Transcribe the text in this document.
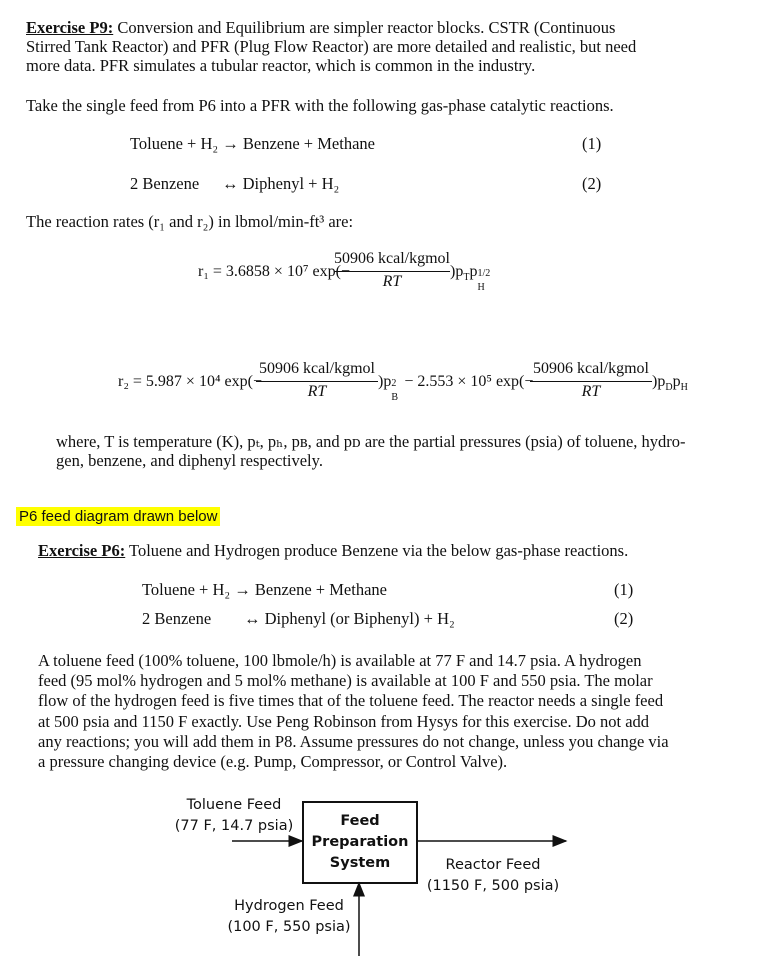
Exercise P9: Conversion and Equilibrium are simpler reactor blocks. CSTR (Continuous
Stirred Tank Reactor) and PFR (Plug Flow Reactor) are more detailed and realistic, but need
more data. PFR simulates a tubular reactor, which is common in the industry.
Take the single feed from P6 into a PFR with the following gas-phase catalytic reactions.
Toluene + H₂ → Benzene + Methane	(1)
2 Benzene ↔ Diphenyl + H₂	(2)
The reaction rates (r₁ and r₂) in lbmol/min-ft³ are:
r₁ = 3.6858 × 10⁷ exp(−
50906 kcal/kgmol
RT
)$p_Tp$ 1/2
H
r₂ = 5.987 × 10⁴ exp(−
50906 kcal/kgmol
RT
)p 2
B
− 2.553 × 10⁵ exp(−
50906 kcal/kgmol
RT
)$p_Dp_H$
where, T is temperature (K), pₜ, pₕ, pʙ, and pᴅ are the partial pressures (psia) of toluene, hydro-
gen, benzene, and diphenyl respectively.
P6 feed diagram drawn below
Exercise P6: Toluene and Hydrogen produce Benzene via the below gas-phase reactions.
Toluene + H₂ → Benzene + Methane	(1)
2 Benzene ↔ Diphenyl (or Biphenyl) + H₂	(2)
A toluene feed (100% toluene, 100 lbmole/h) is available at 77 F and 14.7 psia. A hydrogen
feed (95 mol% hydrogen and 5 mol% methane) is available at 100 F and 550 psia. The molar
flow of the hydrogen feed is five times that of the toluene feed. The reactor needs a single feed
at 500 psia and 1150 F exactly. Use Peng Robinson from Hysys for this exercise. Do not add
any reactions; you will add them in P8. Assume pressures do not change, unless you change via
a pressure changing device (e.g. Pump, Compressor, or Control Valve).
Toluene Feed
(77 F, 14.7 psia)	Feed
Preparation
System	Reactor Feed
(1150 F, 500 psia)
Hydrogen Feed
(100 F, 550 psia)
